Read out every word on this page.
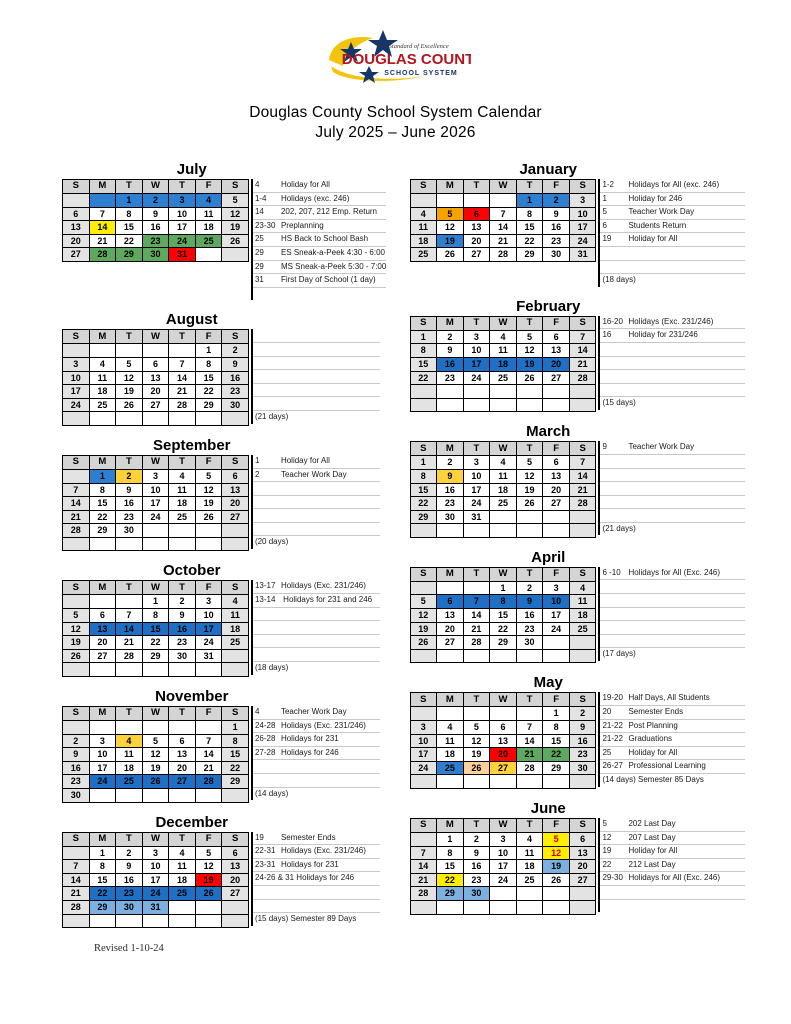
The Standard of Excellence
DOUGLAS COUNTY
SCHOOL SYSTEM
Douglas County School System Calendar
July 2025 – June 2026
July
S	M	T	W	T	F	S
		1	2	3	4	5
6	7	8	9	10	11	12
13	14	15	16	17	18	19
20	21	22	23	24	25	26
27	28	29	30	31		
4	Holiday for All
1-4 Holidays (exc. 246)
14 202, 207, 212 Emp. Return
23-30 Preplanning
25 HS Back to School Bash
29 ES Sneak-a-Peek 4:30 - 6:00
29 MS Sneak-a-Peek 5:30 - 7:00
31 First Day of School (1 day)
August
S	M	T	W	T	F	S
					1	2
3	4	5	6	7	8	9
10	11	12	13	14	15	16
17	18	19	20	21	22	23
24	25	26	27	28	29	30

(21 days)
September
S	M	T	W	T	F	S
	1	2	3	4	5	6
7	8	9	10	11	12	13
14	15	16	17	18	19	20
21	22	23	24	25	26	27
28	29	30				

1	Holiday for All
2	Teacher Work Day
(20 days)
October
S	M	T	W	T	F	S
			1	2	3	4
5	6	7	8	9	10	11
12	13	14	15	16	17	18
19	20	21	22	23	24	25
26	27	28	29	30	31	

13-17 Holidays (Exc. 231/246)
13-14 Holidays for 231 and 246
(18 days)
November
S	M	T	W	T	F	S
						1
2	3	4	5	6	7	8
9	10	11	12	13	14	15
16	17	18	19	20	21	22
23	24	25	26	27	28	29
30						
4	Teacher Work Day
24-28 Holidays (Exc. 231/246)
26-28 Holidays for 231
27-28 Holidays for 246
(14 days)
December
S	M	T	W	T	F	S
	1	2	3	4	5	6
7	8	9	10	11	12	13
14	15	16	17	18	19	20
21	22	23	24	25	26	27
28	29	30	31			

19 Semester Ends
22-31 Holidays (Exc. 231/246)
23-31 Holidays for 231
24-26 & 31 Holidays for 246
(15 days) Semester 89 Days
January
S	M	T	W	T	F	S
				1	2	3
4	5	6	7	8	9	10
11	12	13	14	15	16	17
18	19	20	21	22	23	24
25	26	27	28	29	30	31
1-2 Holidays for All (exc. 246)
1	Holiday for 246
5	Teacher Work Day
6	Students Return
19 Holiday for All
(18 days)
February
S	M	T	W	T	F	S
1	2	3	4	5	6	7
8	9	10	11	12	13	14
15	16	17	18	19	20	21
22	23	24	25	26	27	28

16-20 Holidays (Exc. 231/246)
16 Holiday for 231/246
(15 days)
March
S	M	T	W	T	F	S
1	2	3	4	5	6	7
8	9	10	11	12	13	14
15	16	17	18	19	20	21
22	23	24	25	26	27	28
29	30	31				

9	Teacher Work Day
(21 days)
April
S	M	T	W	T	F	S
			1	2	3	4
5	6	7	8	9	10	11
12	13	14	15	16	17	18
19	20	21	22	23	24	25
26	27	28	29	30		

6 -10 Holidays for All (Exc. 246)
(17 days)
May
S	M	T	W	T	F	S
					1	2
3	4	5	6	7	8	9
10	11	12	13	14	15	16
17	18	19	20	21	22	23
24	25	26	27	28	29	30

19-20 Half Days, All Students
20 Semester Ends
21-22 Post Planning
21-22 Graduations
25 Holiday for All
26-27 Professional Learning
(14 days) Semester 85 Days
June
S	M	T	W	T	F	S
	1	2	3	4	5	6
7	8	9	10	11	12	13
14	15	16	17	18	19	20
21	22	23	24	25	26	27
28	29	30				

5	202 Last Day
12 207 Last Day
19 Holiday for All
22 212 Last Day
29-30 Holidays for All (Exc. 246)
Revised 1-10-24
